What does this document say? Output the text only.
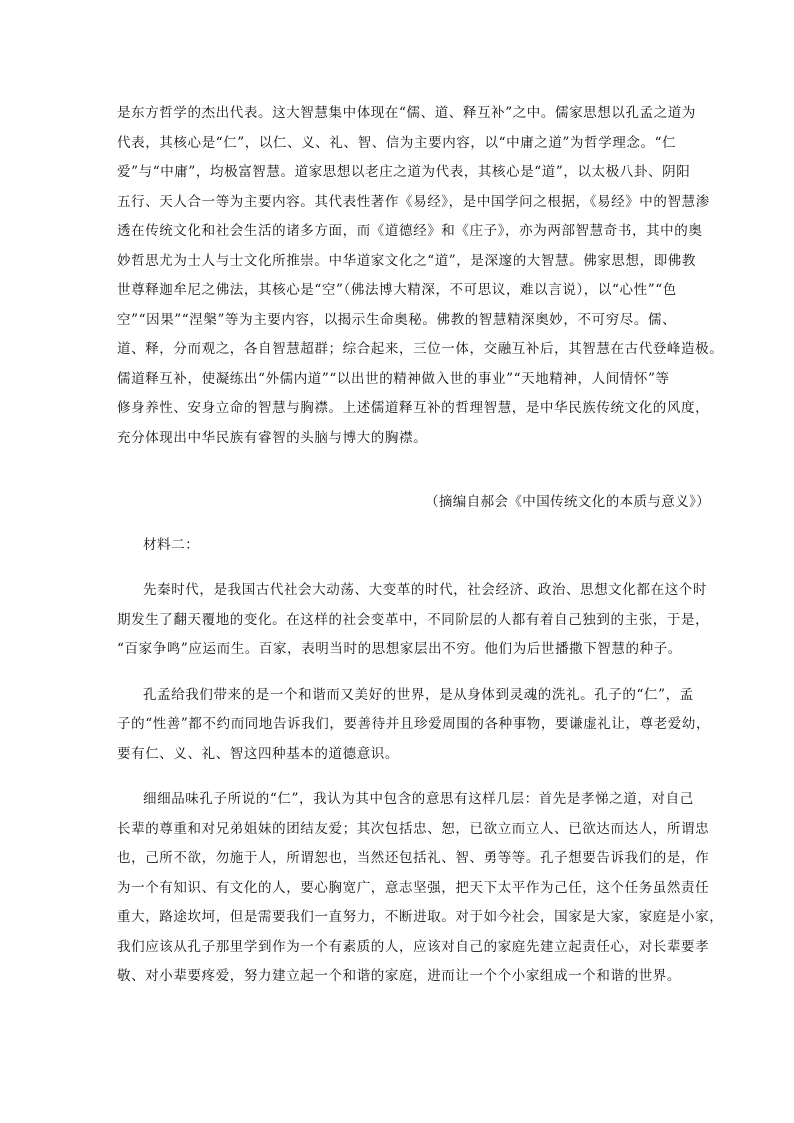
是东方哲学的杰出代表。这大智慧集中体现在“儒、道、释互补”之中。儒家思想以孔孟之道为
代表，其核心是“仁”，以仁、义、礼、智、信为主要内容，以“中庸之道”为哲学理念。“仁
爱”与“中庸”，均极富智慧。道家思想以老庄之道为代表，其核心是“道”，以太极八卦、阴阳
五行、天人合一等为主要内容。其代表性著作《易经》，是中国学问之根据，《易经》中的智慧渗
透在传统文化和社会生活的诸多方面，而《道德经》和《庄子》，亦为两部智慧奇书，其中的奥
妙哲思尤为士人与士文化所推崇。中华道家文化之“道”，是深邃的大智慧。佛家思想，即佛教
世尊释迦牟尼之佛法，其核心是“空”（佛法博大精深，不可思议，难以言说），以“心性”“色
空”“因果”“涅槃”等为主要内容，以揭示生命奥秘。佛教的智慧精深奥妙，不可穷尽。儒、
道、释，分而观之，各自智慧超群；综合起来，三位一体，交融互补后，其智慧在古代登峰造极。
儒道释互补，使凝练出“外儒内道”“以出世的精神做入世的事业”“天地精神，人间情怀”等
修身养性、安身立命的智慧与胸襟。上述儒道释互补的哲理智慧，是中华民族传统文化的风度，
充分体现出中华民族有睿智的头脑与博大的胸襟。
（摘编自郝会《中国传统文化的本质与意义》）
材料二：
先秦时代，是我国古代社会大动荡、大变革的时代，社会经济、政治、思想文化都在这个时
期发生了翻天覆地的变化。在这样的社会变革中，不同阶层的人都有着自己独到的主张，于是，
“百家争鸣”应运而生。百家，表明当时的思想家层出不穷。他们为后世播撒下智慧的种子。
孔孟给我们带来的是一个和谐而又美好的世界，是从身体到灵魂的洗礼。孔子的“仁”，孟
子的“性善”都不约而同地告诉我们，要善待并且珍爱周围的各种事物，要谦虚礼让，尊老爱幼，
要有仁、义、礼、智这四种基本的道德意识。
细细品味孔子所说的“仁”，我认为其中包含的意思有这样几层：首先是孝悌之道，对自己
长辈的尊重和对兄弟姐妹的团结友爱；其次包括忠、恕，已欲立而立人、已欲达而达人，所谓忠
也，己所不欲，勿施于人，所谓恕也，当然还包括礼、智、勇等等。孔子想要告诉我们的是，作
为一个有知识、有文化的人，要心胸宽广，意志坚强，把天下太平作为己任，这个任务虽然责任
重大，路途坎坷，但是需要我们一直努力，不断进取。对于如今社会，国家是大家，家庭是小家，
我们应该从孔子那里学到作为一个有素质的人，应该对自己的家庭先建立起责任心，对长辈要孝
敬、对小辈要疼爱，努力建立起一个和谐的家庭，进而让一个个小家组成一个和谐的世界。
